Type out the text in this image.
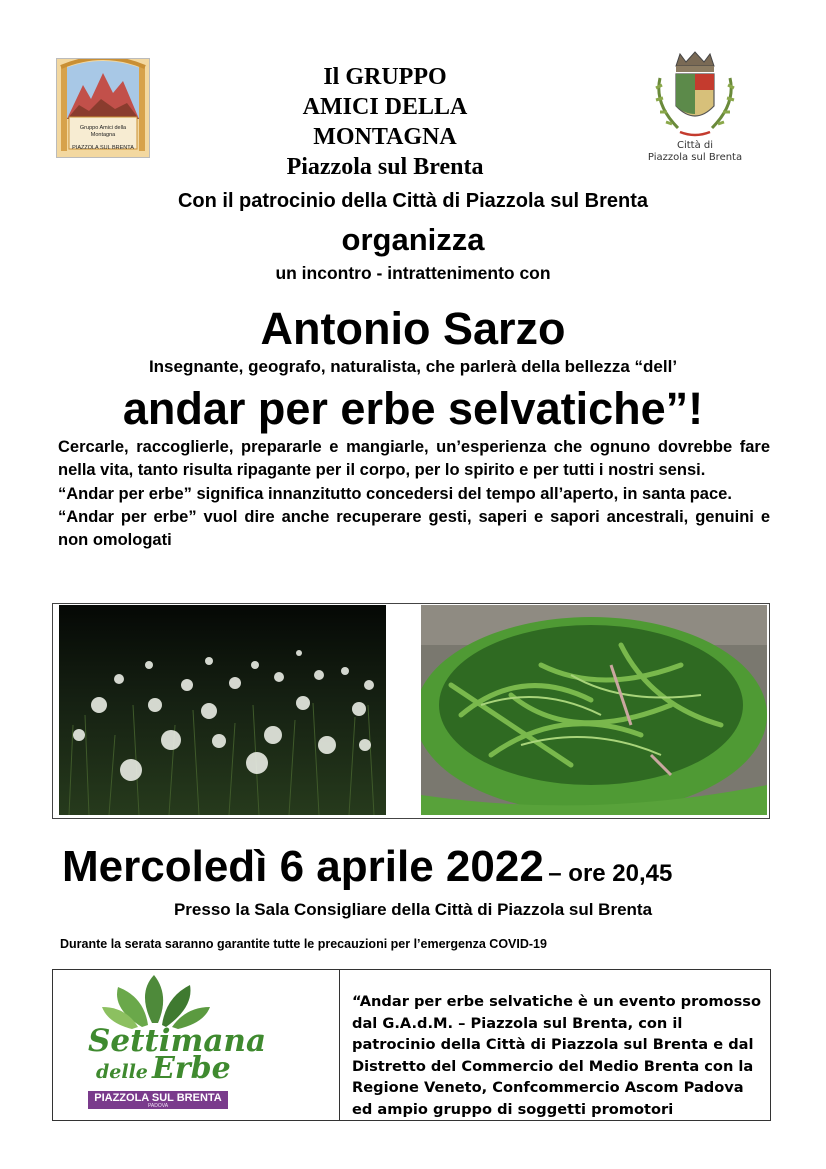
Gruppo Amici della Montagna
PIAZZOLA SUL BRENTA
Il GRUPPO
AMICI DELLA MONTAGNA
Piazzola sul Brenta
Città di
Piazzola sul Brenta
Con il patrocinio della Città di Piazzola sul Brenta
organizza
un incontro - intrattenimento con
Antonio Sarzo
Insegnante, geografo, naturalista, che parlerà della bellezza “dell’
andar per erbe selvatiche”!

Cercarle, raccoglierle, prepararle e mangiarle, un’esperienza che ognuno dovrebbe fare nella vita, tanto risulta ripagante per il corpo, per lo spirito e per tutti i nostri sensi.

“Andar per erbe” significa innanzitutto concedersi del tempo all’aperto, in santa pace.

“Andar per erbe” vuol dire anche recuperare gesti, saperi e sapori ancestrali, genuini e non omologati

Mercoledì 6 aprile 2022 – ore 20,45
Presso la Sala Consigliare della Città di Piazzola sul Brenta
Durante la serata saranno garantite tutte le precauzioni per l’emergenza COVID-19
Settimana
delle Erbe
PIAZZOLA SUL BRENTA
PADOVA
“Andar per erbe selvatiche è un evento promosso dal G.A.d.M. – Piazzola sul Brenta, con il patrocinio della Città di Piazzola sul Brenta e dal Distretto del Commercio del Medio Brenta con la Regione Veneto, Confcommercio Ascom Padova ed ampio gruppo di soggetti promotori
